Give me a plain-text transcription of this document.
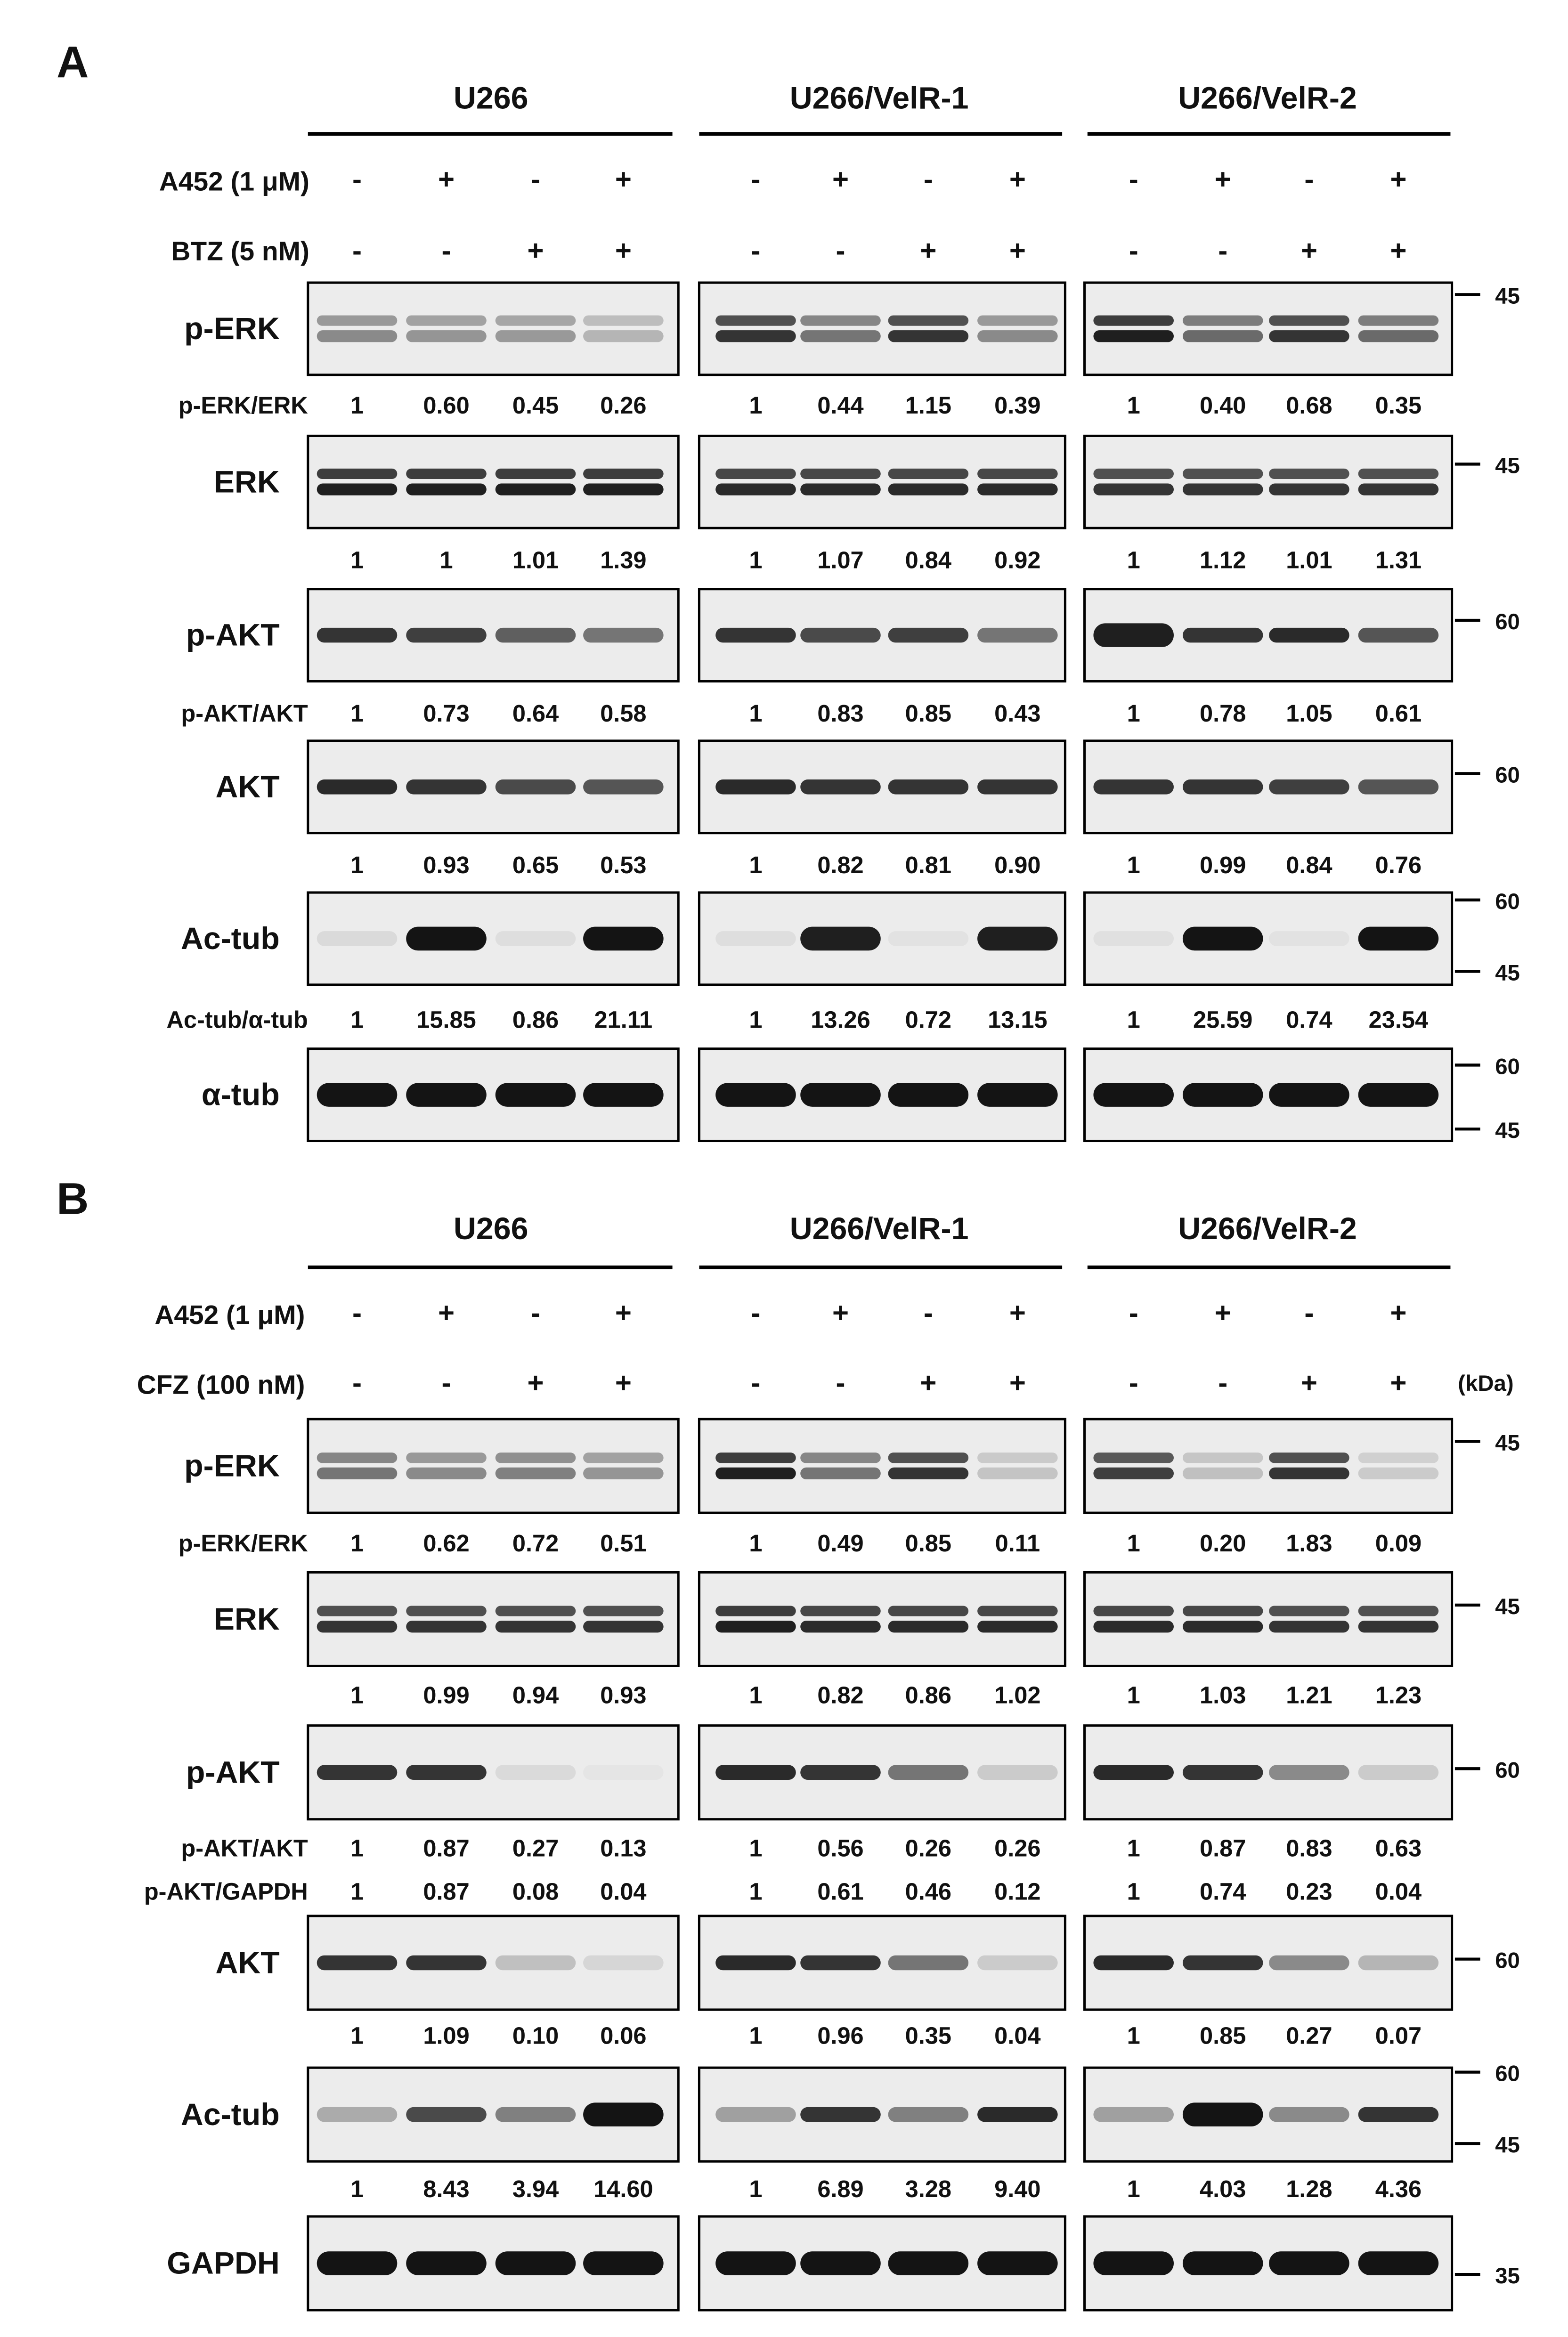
A
U266	U266/VelR-1	U266/VelR-2
A452 (1 μM)	-	+	-	+	-	+	-	+	-	+	-	+
BTZ (5 nM)	-	-	+	+	-	-	+	+	-	-	+	+
p-ERK
45
ERK	45
p-AKT	60
AKT	60
Ac-tub
60
45
α-tub
60
45
p-ERK/ERK	1	0.60	0.45	0.26	1	0.44	1.15	0.39	1	0.40	0.68	0.35
1	1	1.01	1.39	1	1.07	0.84	0.92	1	1.12	1.01	1.31
p-AKT/AKT	1	0.73	0.64	0.58	1	0.83	0.85	0.43	1	0.78	1.05	0.61
1	0.93	0.65	0.53	1	0.82	0.81	0.90	1	0.99	0.84	0.76
Ac-tub/α-tub	1	15.85	0.86	21.11	1	13.26	0.72	13.15	1	25.59	0.74	23.54
B
U266	U266/VelR-1	U266/VelR-2
A452 (1 μM)	-	+	-	+	-	+	-	+	-	+	-	+
CFZ (100 nM)	-	-	+	+	-	-	+	+	-	-	+	+	(kDa)
p-ERK
45
ERK	45
p-AKT	60
AKT	60
Ac-tub
60
45
GAPDH	35
p-ERK/ERK	1	0.62	0.72	0.51	1	0.49	0.85	0.11	1	0.20	1.83	0.09
1	0.99	0.94	0.93	1	0.82	0.86	1.02	1	1.03	1.21	1.23
p-AKT/AKT	1	0.87	0.27	0.13	1	0.56	0.26	0.26	1	0.87	0.83	0.63
p-AKT/GAPDH	1	0.87	0.08	0.04	1	0.61	0.46	0.12	1	0.74	0.23	0.04
1	1.09	0.10	0.06	1	0.96	0.35	0.04	1	0.85	0.27	0.07
1	8.43	3.94	14.60	1	6.89	3.28	9.40	1	4.03	1.28	4.36
